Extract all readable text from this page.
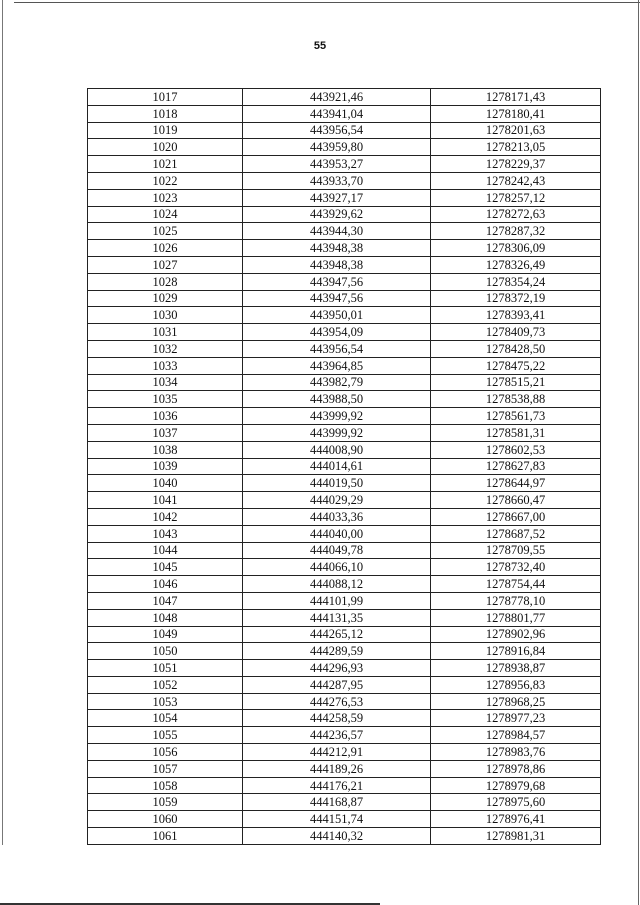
55
1017	443921,46	1278171,43
1018	443941,04	1278180,41
1019	443956,54	1278201,63
1020	443959,80	1278213,05
1021	443953,27	1278229,37
1022	443933,70	1278242,43
1023	443927,17	1278257,12
1024	443929,62	1278272,63
1025	443944,30	1278287,32
1026	443948,38	1278306,09
1027	443948,38	1278326,49
1028	443947,56	1278354,24
1029	443947,56	1278372,19
1030	443950,01	1278393,41
1031	443954,09	1278409,73
1032	443956,54	1278428,50
1033	443964,85	1278475,22
1034	443982,79	1278515,21
1035	443988,50	1278538,88
1036	443999,92	1278561,73
1037	443999,92	1278581,31
1038	444008,90	1278602,53
1039	444014,61	1278627,83
1040	444019,50	1278644,97
1041	444029,29	1278660,47
1042	444033,36	1278667,00
1043	444040,00	1278687,52
1044	444049,78	1278709,55
1045	444066,10	1278732,40
1046	444088,12	1278754,44
1047	444101,99	1278778,10
1048	444131,35	1278801,77
1049	444265,12	1278902,96
1050	444289,59	1278916,84
1051	444296,93	1278938,87
1052	444287,95	1278956,83
1053	444276,53	1278968,25
1054	444258,59	1278977,23
1055	444236,57	1278984,57
1056	444212,91	1278983,76
1057	444189,26	1278978,86
1058	444176,21	1278979,68
1059	444168,87	1278975,60
1060	444151,74	1278976,41
1061	444140,32	1278981,31
